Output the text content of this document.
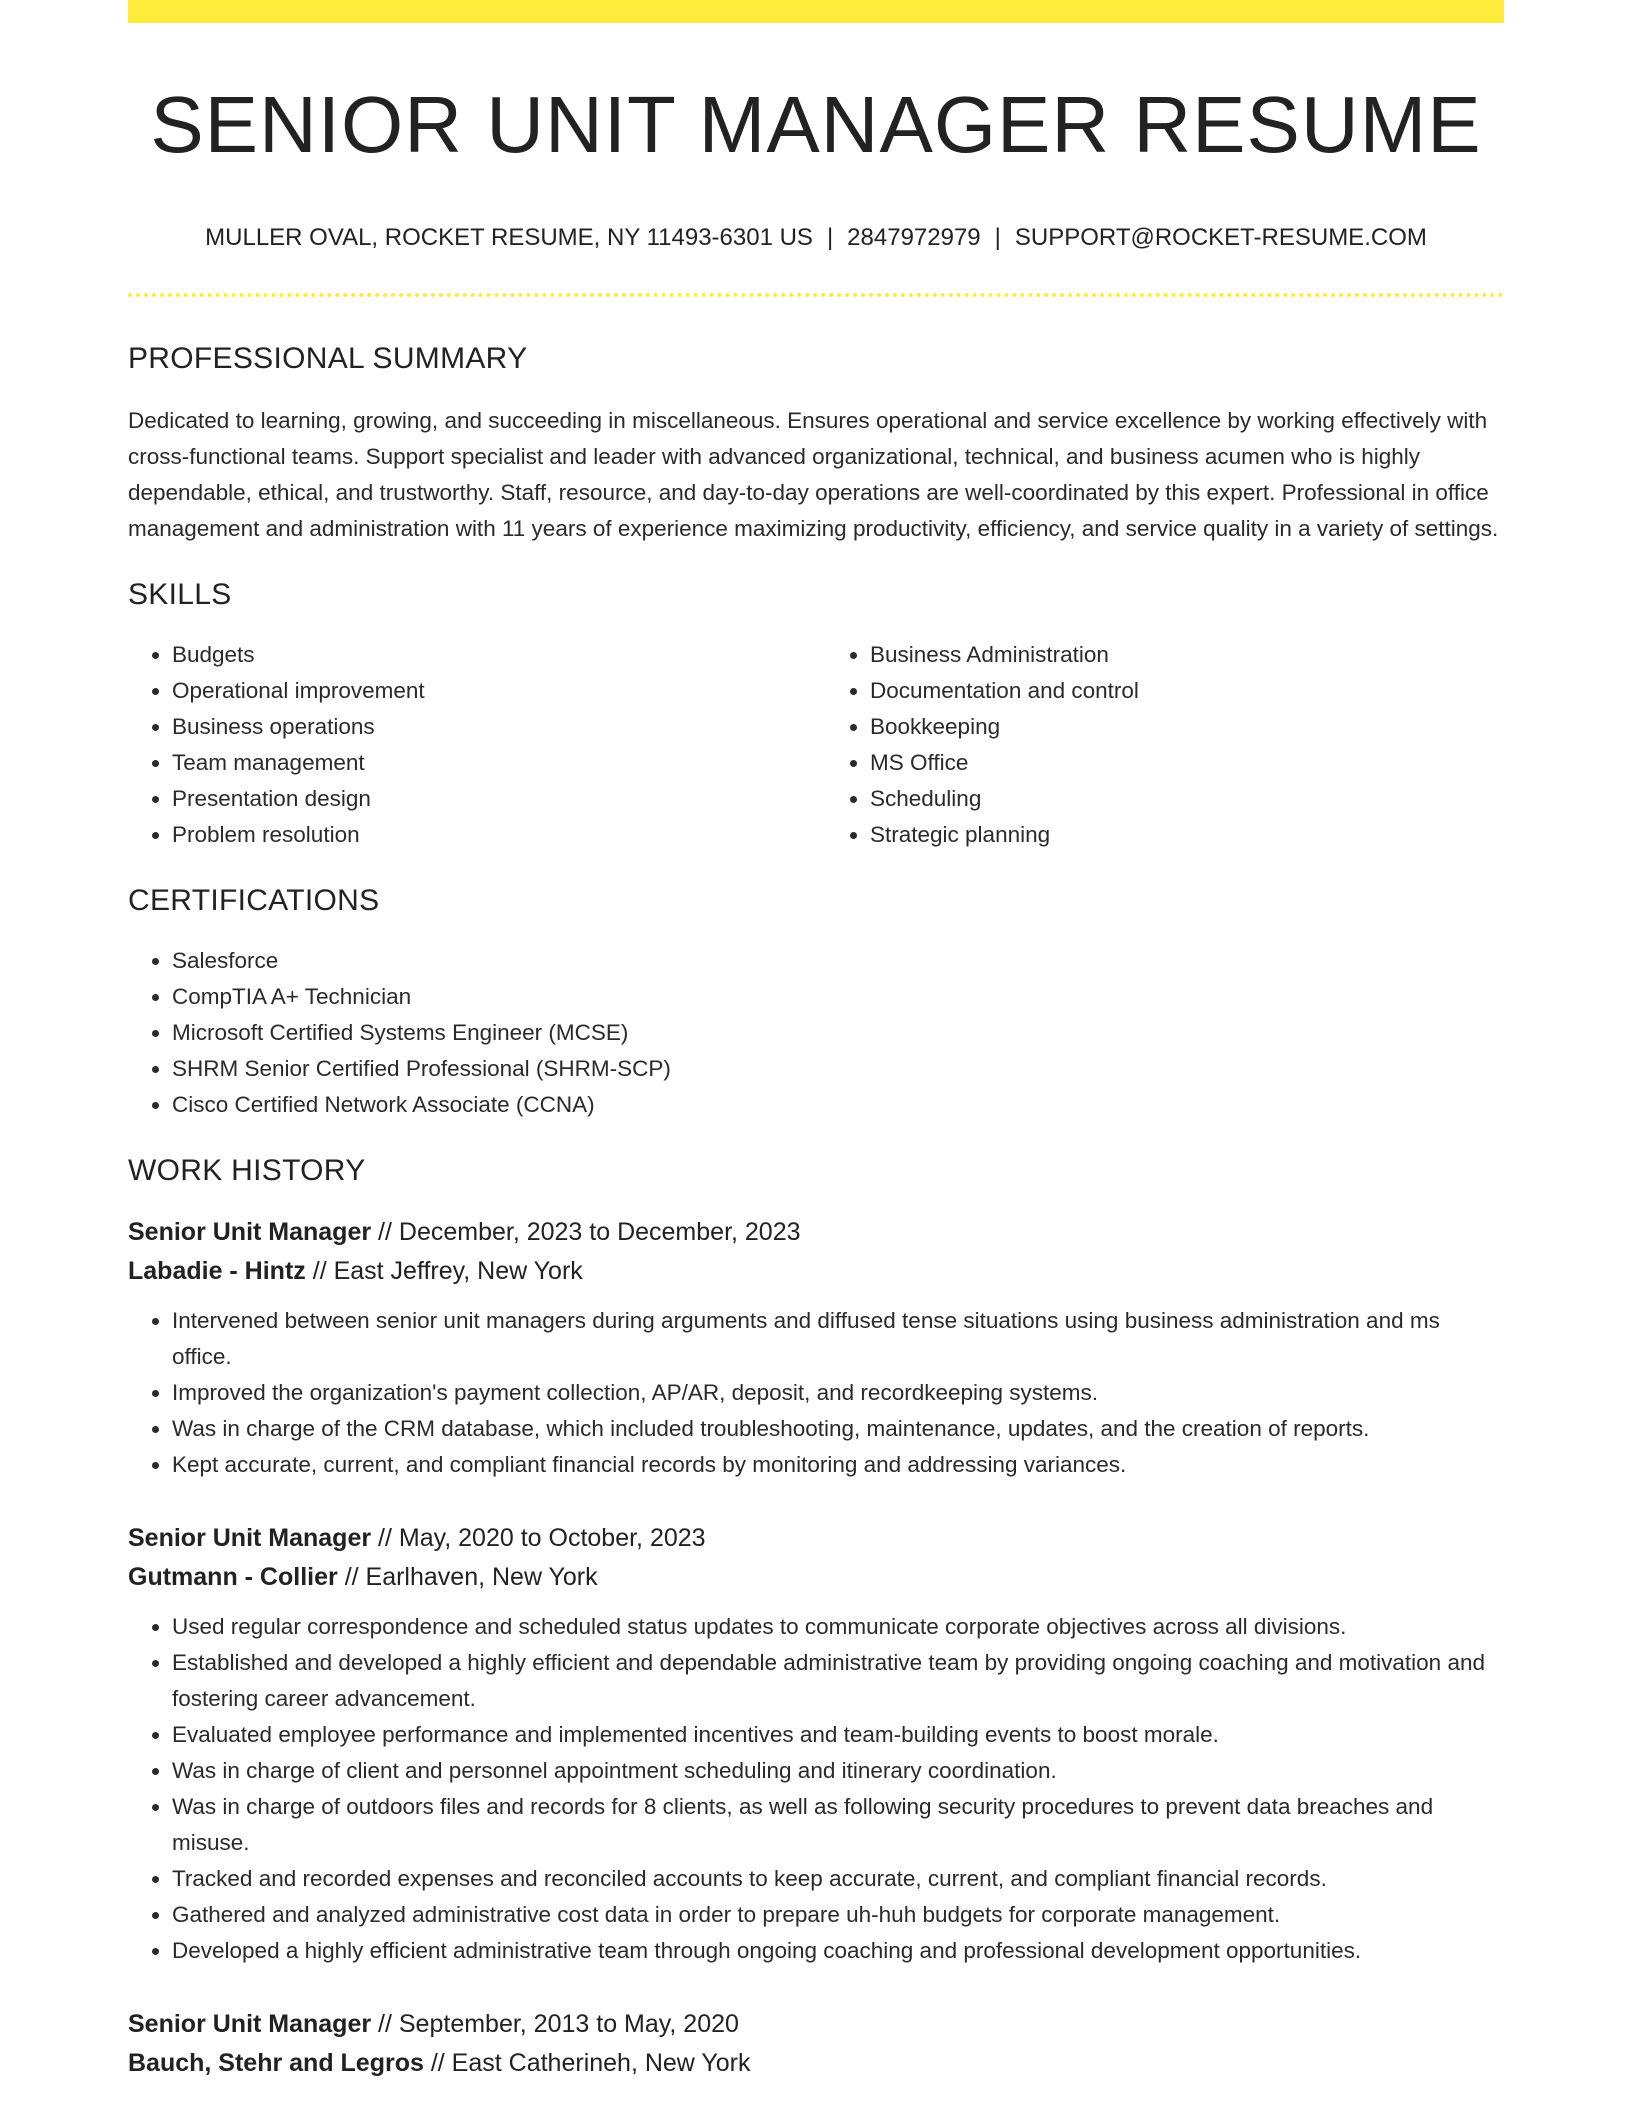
SENIOR UNIT MANAGER RESUME
MULLER OVAL, ROCKET RESUME, NY 11493-6301 US | 2847972979 | SUPPORT@ROCKET-RESUME.COM
PROFESSIONAL SUMMARY

Dedicated to learning, growing, and succeeding in miscellaneous. Ensures operational and service excellence by working effectively with cross-functional teams. Support specialist and leader with advanced organizational, technical, and business acumen who is highly dependable, ethical, and trustworthy. Staff, resource, and day-to-day operations are well-coordinated by this expert. Professional in office management and administration with 11 years of experience maximizing productivity, efficiency, and service quality in a variety of settings.

SKILLS
• Budgets
• Operational improvement
• Business operations
• Team management
• Presentation design
• Problem resolution
• Business Administration
• Documentation and control
• Bookkeeping
• MS Office
• Scheduling
• Strategic planning
CERTIFICATIONS
• Salesforce
• CompTIA A+ Technician
• Microsoft Certified Systems Engineer (MCSE)
• SHRM Senior Certified Professional (SHRM-SCP)
• Cisco Certified Network Associate (CCNA)
WORK HISTORY
Senior Unit Manager // December, 2023 to December, 2023
Labadie - Hintz // East Jeffrey, New York
• Intervened between senior unit managers during arguments and diffused tense situations using business administration and ms office.
• Improved the organization's payment collection, AP/AR, deposit, and recordkeeping systems.
• Was in charge of the CRM database, which included troubleshooting, maintenance, updates, and the creation of reports.
• Kept accurate, current, and compliant financial records by monitoring and addressing variances.
Senior Unit Manager // May, 2020 to October, 2023
Gutmann - Collier // Earlhaven, New York
• Used regular correspondence and scheduled status updates to communicate corporate objectives across all divisions.
• Established and developed a highly efficient and dependable administrative team by providing ongoing coaching and motivation and fostering career advancement.
• Evaluated employee performance and implemented incentives and team-building events to boost morale.
• Was in charge of client and personnel appointment scheduling and itinerary coordination.
• Was in charge of outdoors files and records for 8 clients, as well as following security procedures to prevent data breaches and misuse.
• Tracked and recorded expenses and reconciled accounts to keep accurate, current, and compliant financial records.
• Gathered and analyzed administrative cost data in order to prepare uh-huh budgets for corporate management.
• Developed a highly efficient administrative team through ongoing coaching and professional development opportunities.
Senior Unit Manager // September, 2013 to May, 2020
Bauch, Stehr and Legros // East Catherineh, New York
